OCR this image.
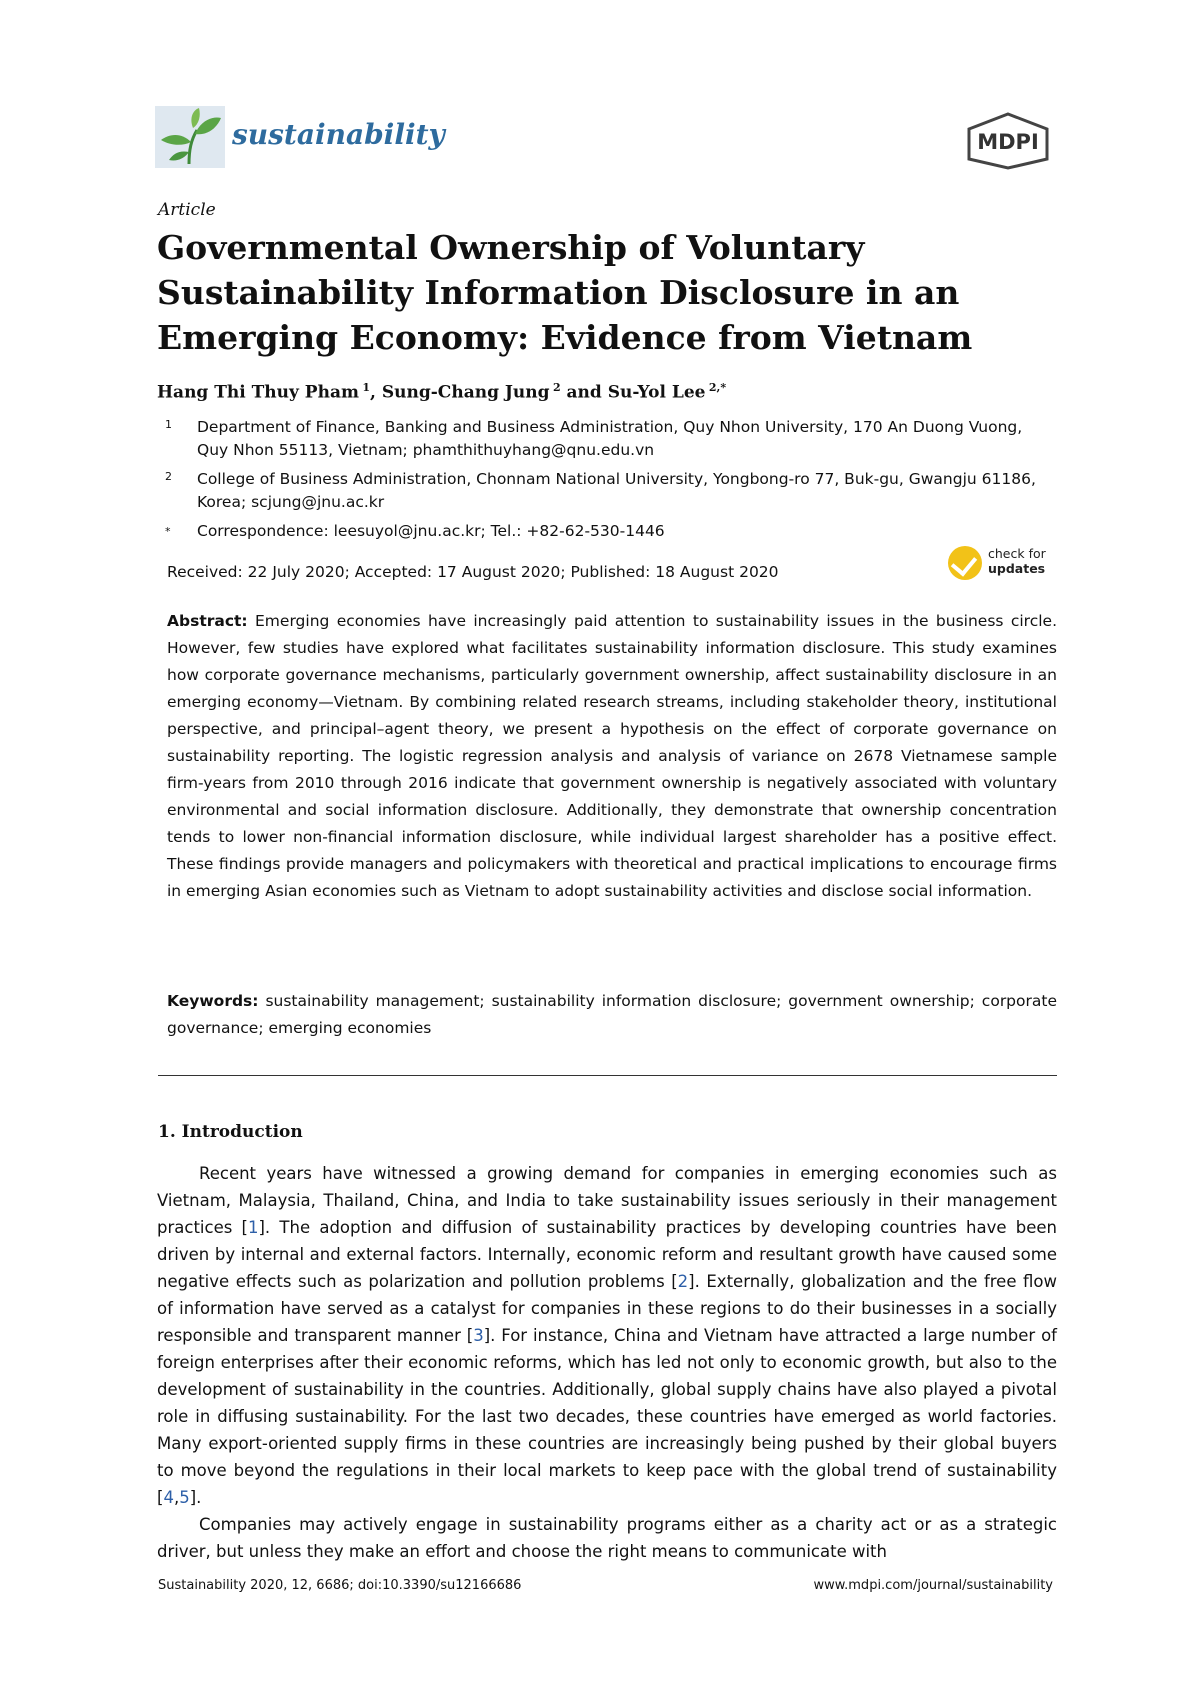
sustainability	MDPI
Article
Governmental Ownership of Voluntary Sustainability Information Disclosure in an Emerging Economy: Evidence from Vietnam
Hang Thi Thuy Pham  $^1$, Sung-Chang Jung  $^2$ and Su-Yol Lee  $^{2,*}$
1 Department of Finance, Banking and Business Administration, Quy Nhon University, 170 An Duong Vuong, Quy Nhon 55113, Vietnam; phamthithuyhang@qnu.edu.vn
2 College of Business Administration, Chonnam National University, Yongbong-ro 77, Buk-gu, Gwangju 61186, Korea; scjung@jnu.ac.kr
* Correspondence: leesuyol@jnu.ac.kr; Tel.: +82-62-530-1446
Received: 22 July 2020; Accepted: 17 August 2020; Published: 18 August 2020
check for
updates
Abstract: Emerging economies have increasingly paid attention to sustainability issues in the business circle. However, few studies have explored what facilitates sustainability information disclosure. This study examines how corporate governance mechanisms, particularly government ownership, affect sustainability disclosure in an emerging economy—Vietnam. By combining related research streams, including stakeholder theory, institutional perspective, and principal–agent theory, we present a hypothesis on the effect of corporate governance on sustainability reporting. The logistic regression analysis and analysis of variance on 2678 Vietnamese sample firm-years from 2010 through 2016 indicate that government ownership is negatively associated with voluntary environmental and social information disclosure. Additionally, they demonstrate that ownership concentration tends to lower non-financial information disclosure, while individual largest shareholder has a positive effect. These findings provide managers and policymakers with theoretical and practical implications to encourage firms in emerging Asian economies such as Vietnam to adopt sustainability activities and disclose social information.
Keywords: sustainability management; sustainability information disclosure; government ownership; corporate governance; emerging economies
1. Introduction

Recent years have witnessed a growing demand for companies in emerging economies such as Vietnam, Malaysia, Thailand, China, and India to take sustainability issues seriously in their management practices [1]. The adoption and diffusion of sustainability practices by developing countries have been driven by internal and external factors. Internally, economic reform and resultant growth have caused some negative effects such as polarization and pollution problems [2]. Externally, globalization and the free flow of information have served as a catalyst for companies in these regions to do their businesses in a socially responsible and transparent manner [3]. For instance, China and Vietnam have attracted a large number of foreign enterprises after their economic reforms, which has led not only to economic growth, but also to the development of sustainability in the countries. Additionally, global supply chains have also played a pivotal role in diffusing sustainability. For the last two decades, these countries have emerged as world factories. Many export-oriented supply firms in these countries are increasingly being pushed by their global buyers to move beyond the regulations in their local markets to keep pace with the global trend of sustainability [4,5].

Companies may actively engage in sustainability programs either as a charity act or as a strategic driver, but unless they make an effort and choose the right means to communicate with

Sustainability 2020, 12, 6686; doi:10.3390/su12166686	www.mdpi.com/journal/sustainability
